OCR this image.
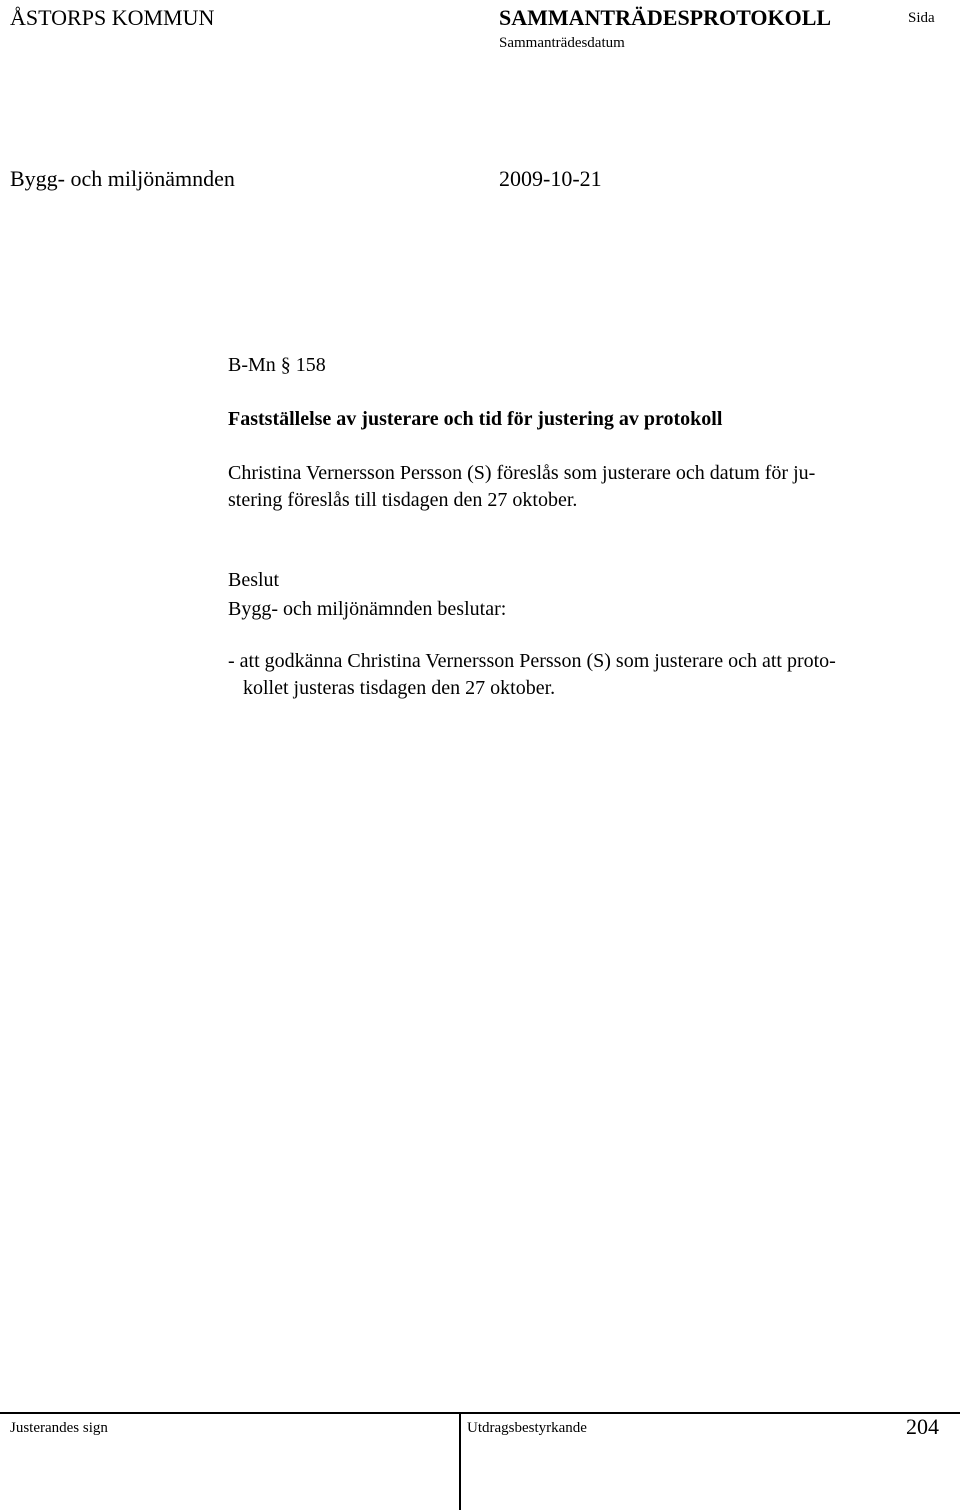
ÅSTORPS KOMMUN	SAMMANTRÄDESPROTOKOLL	Sida
Sammanträdesdatum
Bygg- och miljönämnden	2009-10-21
B-Mn § 158
Fastställelse av justerare och tid för justering av protokoll
Christina Vernersson Persson (S) föreslås som justerare och datum för ju-
stering föreslås till tisdagen den 27 oktober.
Beslut
Bygg- och miljönämnden beslutar:
- att godkänna Christina Vernersson Persson (S) som justerare och att proto-
kollet justeras tisdagen den 27 oktober.
Justerandes sign	Utdragsbestyrkande	204
